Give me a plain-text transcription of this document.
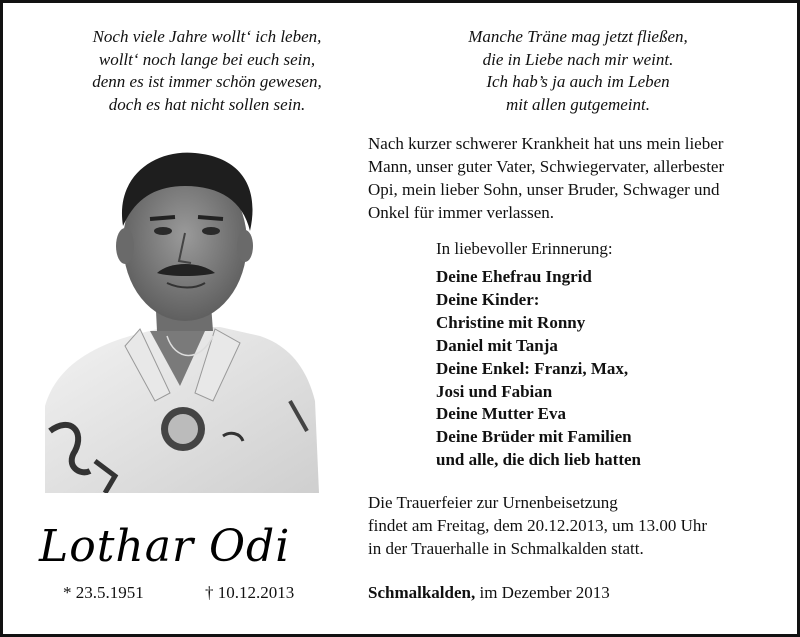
Noch viele Jahre wollt‘ ich leben,
wollt‘ noch lange bei euch sein,
denn es ist immer schön gewesen,
doch es hat nicht sollen sein.
Manche Träne mag jetzt fließen,
die in Liebe nach mir weint.
Ich hab’s ja auch im Leben
mit allen gutgemeint.
Nach kurzer schwerer Krankheit hat uns mein lieber
Mann, unser guter Vater, Schwiegervater, allerbester
Opi, mein lieber Sohn, unser Bruder, Schwager und
Onkel für immer verlassen.
In liebevoller Erinnerung:
Deine Ehefrau Ingrid
Deine Kinder:
Christine mit Ronny
Daniel mit Tanja
Deine Enkel: Franzi, Max,
Josi und Fabian
Deine Mutter Eva
Deine Brüder mit Familien
und alle, die dich lieb hatten
Die Trauerfeier zur Urnenbeisetzung
findet am Freitag, dem 20.12.2013, um 13.00 Uhr
in der Trauerhalle in Schmalkalden statt.
Schmalkalden, im Dezember 2013
Lothar Odi
* 23.5.1951	† 10.12.2013
